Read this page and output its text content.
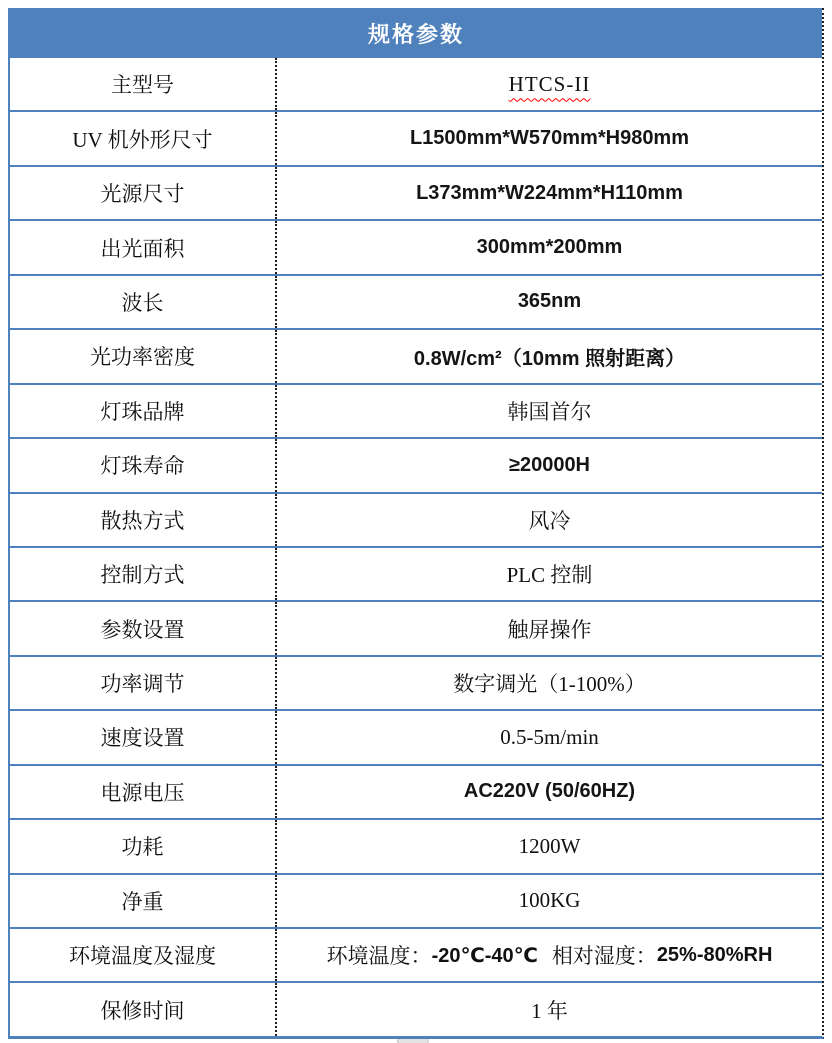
规格参数
主型号	HTCS-II
UV 机外形尺寸	L1500mm*W570mm*H980mm
光源尺寸	L373mm*W224mm*H110mm
出光面积	300mm*200mm
波长	365nm
光功率密度	0.8W/cm²（10mm 照射距离）
灯珠品牌	韩国首尔
灯珠寿命	≥20000H
散热方式	风冷
控制方式	PLC 控制
参数设置	触屏操作
功率调节	数字调光（1-100%）
速度设置	0.5-5m/min
电源电压	AC220V (50/60HZ)
功耗	1200W
净重	100KG
环境温度及湿度	环境温度： -20℃-40℃ 相对湿度： 25%-80%RH
保修时间	1 年
